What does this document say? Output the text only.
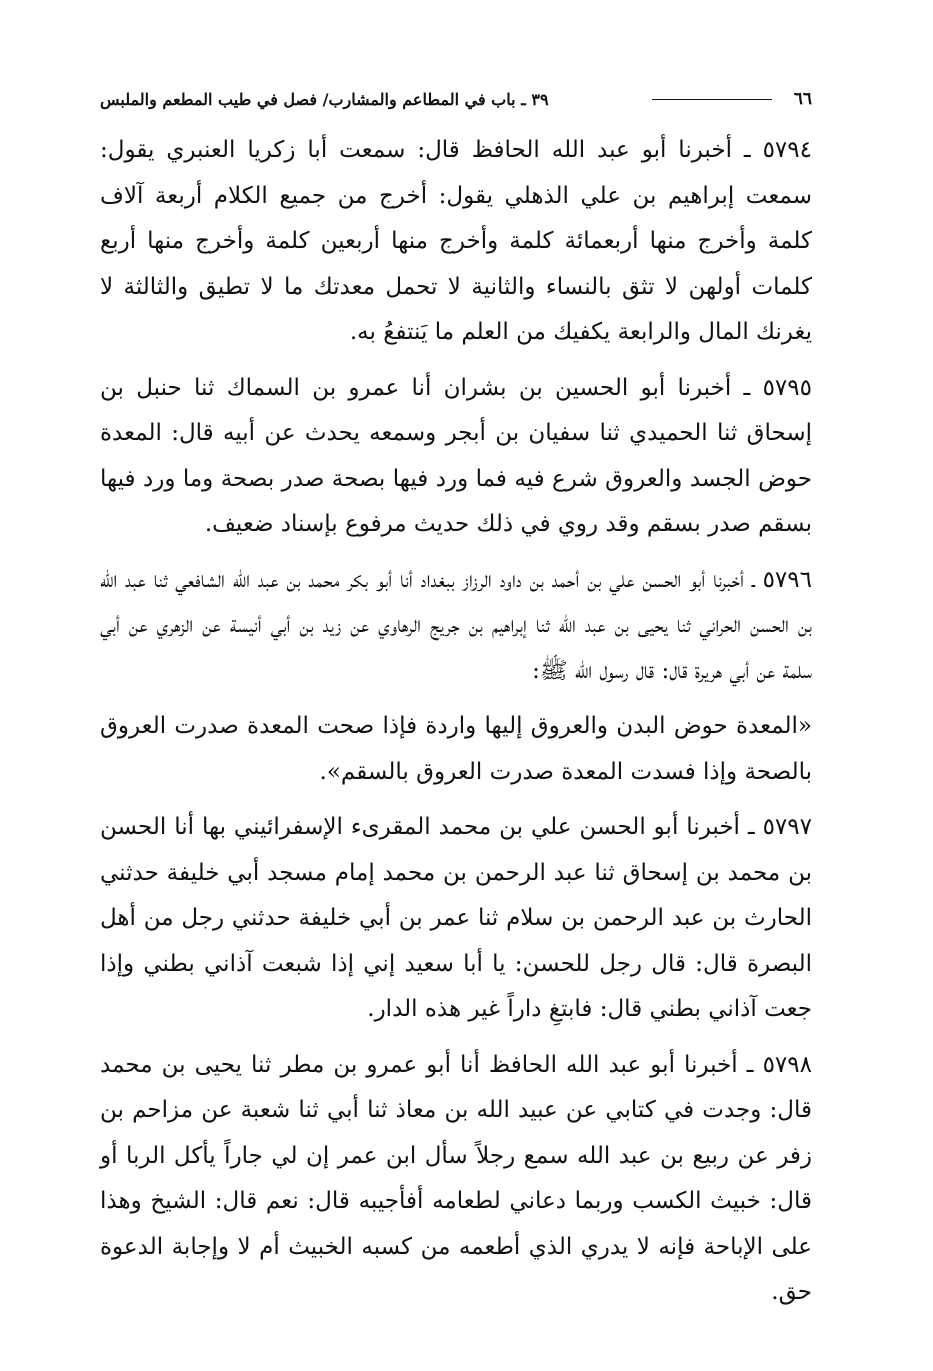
٦٦
٣٩ ـ باب في المطاعم والمشارب/ فصل في طيب المطعم والملبس

٥٧٩٤ ـ أخبرنا أبو عبد الله الحافظ قال: سمعت أبا زكريا العنبري يقول: سمعت إبراهيم بن علي الذهلي يقول: أخرج من جميع الكلام أربعة آلاف كلمة وأخرج منها أربعمائة كلمة وأخرج منها أربعين كلمة وأخرج منها أربع كلمات أولهن لا تثق بالنساء والثانية لا تحمل معدتك ما لا تطيق والثالثة لا يغرنك المال والرابعة يكفيك من العلم ما يَنتفعُ به.

٥٧٩٥ ـ أخبرنا أبو الحسين بن بشران أنا عمرو بن السماك ثنا حنبل بن إسحاق ثنا الحميدي ثنا سفيان بن أبجر وسمعه يحدث عن أبيه قال: المعدة حوض الجسد والعروق شرع فيه فما ورد فيها بصحة صدر بصحة وما ورد فيها بسقم صدر بسقم وقد روي في ذلك حديث مرفوع بإسناد ضعيف.

٥٧٩٦ ـ أخبرنا أبو الحسن علي بن أحمد بن داود الرزاز ببغداد أنا أبو بكر محمد بن عبد الله الشافعي ثنا عبد الله بن الحسن الحراني ثنا يحيى بن عبد الله ثنا إبراهيم بن جريج الرهاوي عن زيد بن أبي أنيسة عن الزهري عن أبي سلمة عن أبي هريرة قال: قال رسول الله ﷺ:

«المعدة حوض البدن والعروق إليها واردة فإذا صحت المعدة صدرت العروق بالصحة وإذا فسدت المعدة صدرت العروق بالسقم».

٥٧٩٧ ـ أخبرنا أبو الحسن علي بن محمد المقرىء الإسفرائيني بها أنا الحسن بن محمد بن إسحاق ثنا عبد الرحمن بن محمد إمام مسجد أبي خليفة حدثني الحارث بن عبد الرحمن بن سلام ثنا عمر بن أبي خليفة حدثني رجل من أهل البصرة قال: قال رجل للحسن: يا أبا سعيد إني إذا شبعت آذاني بطني وإذا جعت آذاني بطني قال: فابتغِ داراً غير هذه الدار.

٥٧٩٨ ـ أخبرنا أبو عبد الله الحافظ أنا أبو عمرو بن مطر ثنا يحيى بن محمد قال: وجدت في كتابي عن عبيد الله بن معاذ ثنا أبي ثنا شعبة عن مزاحم بن زفر عن ربيع بن عبد الله سمع رجلاً سأل ابن عمر إن لي جاراً يأكل الربا أو قال: خبيث الكسب وربما دعاني لطعامه أفأجيبه قال: نعم قال: الشيخ وهذا على الإباحة فإنه لا يدري الذي أطعمه من كسبه الخبيث أم لا وإجابة الدعوة حق.
